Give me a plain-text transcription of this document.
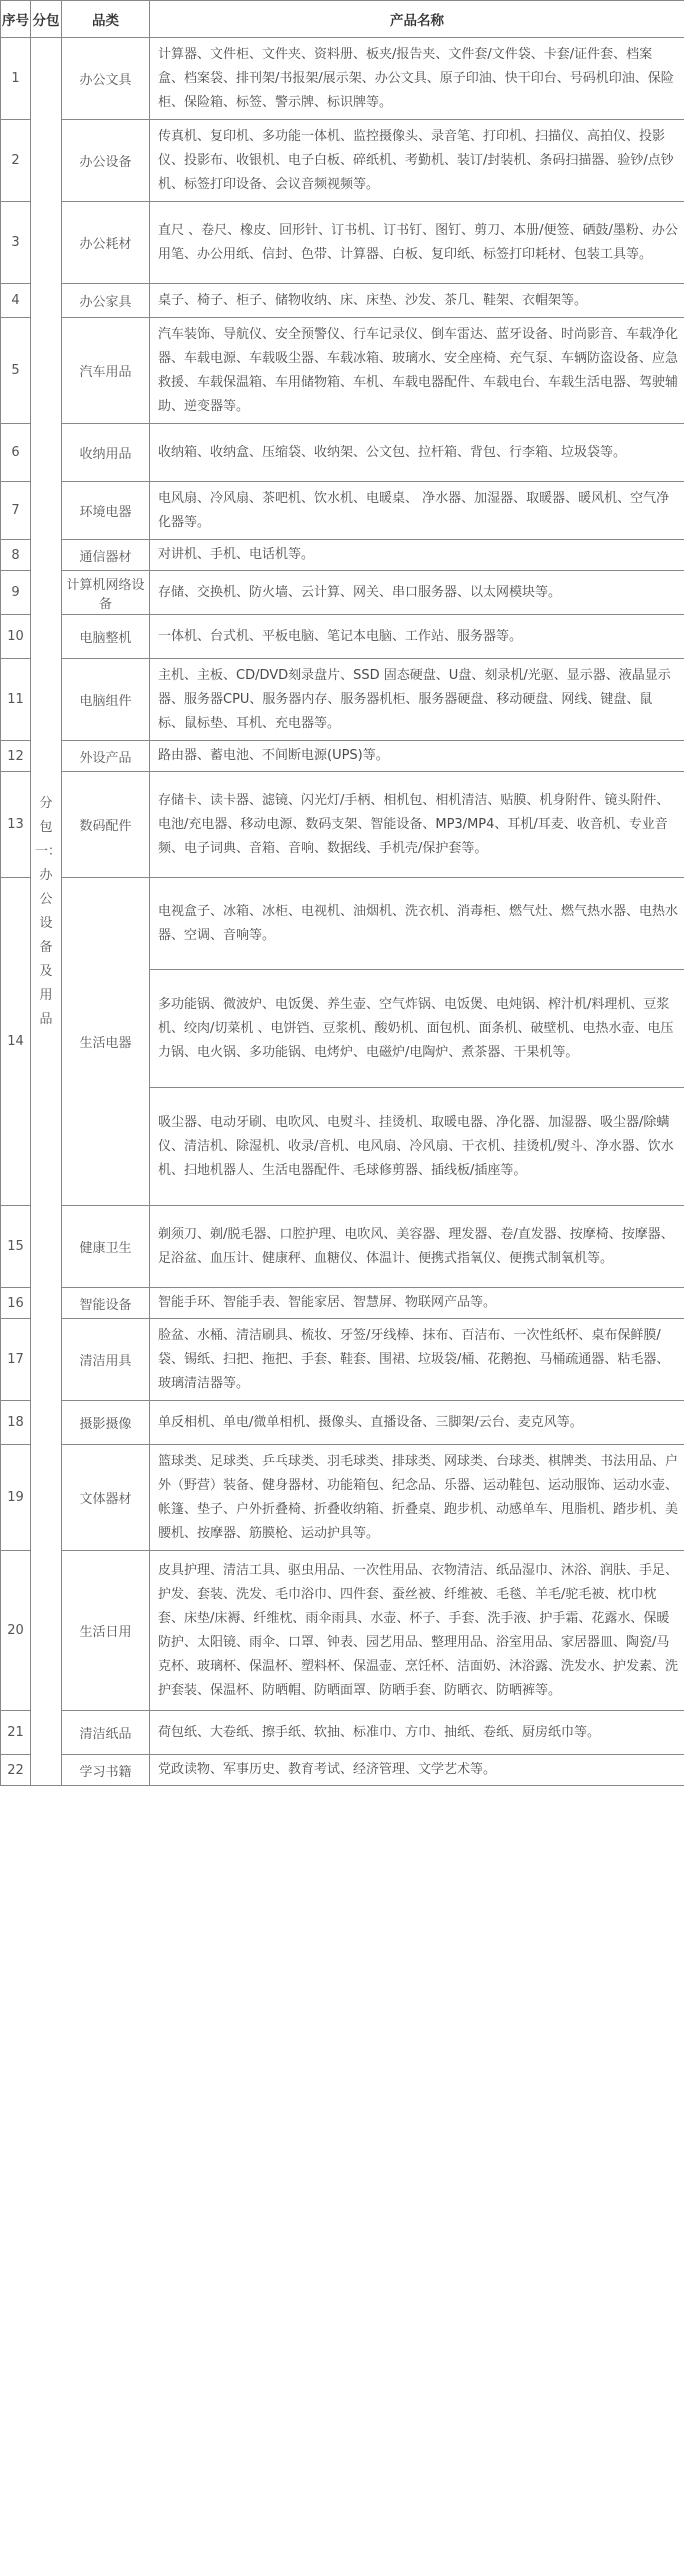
序号	分包	品类	产品名称
1	分包一：办公设备及用品	办公文具	计算器、文件柜、文件夹、资料册、板夹/报告夹、文件套/文件袋、卡套/证件套、档案盒、档案袋、排刊架/书报架/展示架、办公文具、原子印油、快干印台、号码机印油、保险柜、保险箱、标签、警示牌、标识牌等。
2		办公设备	传真机、复印机、多功能一体机、监控摄像头、录音笔、打印机、扫描仪、高拍仪、投影仪、投影布、收银机、电子白板、碎纸机、考勤机、装订/封装机、条码扫描器、验钞/点钞机、标签打印设备、会议音频视频等。
3		办公耗材	直尺 、卷尺、橡皮、回形针、订书机、订书钉、图钉、剪刀、本册/便签、硒鼓/墨粉、办公用笔、办公用纸、信封、色带、计算器、白板、复印纸、标签打印耗材、包装工具等。
4		办公家具	桌子、椅子、柜子、储物收纳、床、床垫、沙发、茶几、鞋架、衣帽架等。
5		汽车用品	汽车装饰、导航仪、安全预警仪、行车记录仪、倒车雷达、蓝牙设备、时尚影音、车载净化器、车载电源、车载吸尘器、车载冰箱、玻璃水、安全座椅、充气泵、车辆防盗设备、应急救援、车载保温箱、车用储物箱、车机、车载电器配件、车载电台、车载生活电器、驾驶辅助、逆变器等。
6		收纳用品	收纳箱、收纳盒、压缩袋、收纳架、公文包、拉杆箱、背包、行李箱、垃圾袋等。
7		环境电器	电风扇、冷风扇、茶吧机、饮水机、电暖桌、 净水器、加湿器、取暖器、暖风机、空气净化器等。
8		通信器材	对讲机、手机、电话机等。
9		计算机网络设备	存储、交换机、防火墙、云计算、网关、串口服务器、以太网模块等。
10		电脑整机	一体机、台式机、平板电脑、笔记本电脑、工作站、服务器等。
11		电脑组件	主机、主板、CD/DVD刻录盘片、SSD 固态硬盘、U盘、刻录机/光驱、显示器、液晶显示器、服务器CPU、服务器内存、服务器机柜、服务器硬盘、移动硬盘、网线、键盘、鼠标、鼠标垫、耳机、充电器等。
12		外设产品	路由器、蓄电池、不间断电源(UPS)等。
13		数码配件	存储卡、读卡器、滤镜、闪光灯/手柄、相机包、相机清洁、贴膜、机身附件、镜头附件、电池/充电器、移动电源、数码支架、智能设备、MP3/MP4、耳机/耳麦、收音机、专业音频、电子词典、音箱、音响、数据线、手机壳/保护套等。
14		生活电器	电视盒子、冰箱、冰柜、电视机、油烟机、洗衣机、消毒柜、燃气灶、燃气热水器、电热水器、空调、音响等。
			多功能锅、微波炉、电饭煲、养生壶、空气炸锅、电饭煲、电炖锅、榨汁机/料理机、豆浆机、绞肉/切菜机 、电饼铛、豆浆机、酸奶机、面包机、面条机、破壁机、电热水壶、电压力锅、电火锅、多功能锅、电烤炉、电磁炉/电陶炉、煮茶器、干果机等。
			吸尘器、电动牙刷、电吹风、电熨斗、挂烫机、取暖电器、净化器、加湿器、吸尘器/除螨仪、清洁机、除湿机、收录/音机、电风扇、冷风扇、干衣机、挂烫机/熨斗、净水器、饮水机、扫地机器人、生活电器配件、毛球修剪器、插线板/插座等。
15		健康卫生	剃须刀、剃/脱毛器、口腔护理、电吹风、美容器、理发器、卷/直发器、按摩椅、按摩器、足浴盆、血压计、健康秤、血糖仪、体温计、便携式指氧仪、便携式制氧机等。
16		智能设备	智能手环、智能手表、智能家居、智慧屏、物联网产品等。
17		清洁用具	脸盆、水桶、清洁刷具、梳妆、牙签/牙线棒、抹布、百洁布、一次性纸杯、桌布保鲜膜/袋、锡纸、扫把、拖把、手套、鞋套、围裙、垃圾袋/桶、花鹅抱、马桶疏通器、粘毛器、玻璃清洁器等。
18		摄影摄像	单反相机、单电/微单相机、摄像头、直播设备、三脚架/云台、麦克风等。
19		文体器材	篮球类、足球类、乒乓球类、羽毛球类、排球类、网球类、台球类、棋牌类、书法用品、户外（野营）装备、健身器材、功能箱包、纪念品、乐器、运动鞋包、运动服饰、运动水壶、帐篷、垫子、户外折叠椅、折叠收纳箱、折叠桌、跑步机、动感单车、甩脂机、踏步机、美腰机、按摩器、筋膜枪、运动护具等。
20		生活日用	皮具护理、清洁工具、驱虫用品、一次性用品、衣物清洁、纸品湿巾、沐浴、润肤、手足、护发、套装、洗发、毛巾浴巾、四件套、蚕丝被、纤维被、毛毯、羊毛/驼毛被、枕巾枕套、床垫/床褥、纤维枕、雨伞雨具、水壶、杯子、手套、洗手液、护手霜、花露水、保暖防护、太阳镜、雨伞、口罩、钟表、园艺用品、整理用品、浴室用品、家居器皿、陶瓷/马克杯、玻璃杯、保温杯、塑料杯、保温壶、烹饪杯、洁面奶、沐浴露、洗发水、护发素、洗护套装、保温杯、防晒帽、防晒面罩、防晒手套、防晒衣、防晒裤等。
21		清洁纸品	荷包纸、大卷纸、擦手纸、软抽、标准巾、方巾、抽纸、卷纸、厨房纸巾等。
22		学习书籍	党政读物、军事历史、教育考试、经济管理、文学艺术等。
